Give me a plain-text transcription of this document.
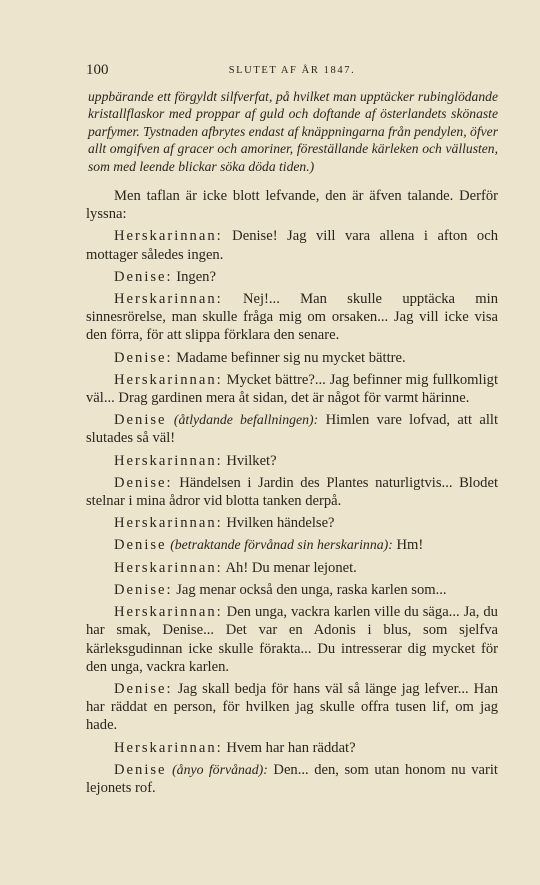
100	SLUTET AF ÅR 1847.

uppbärande ett förgyldt silfverfat, på hvilket man upptäcker rubinglödande kristallflaskor med proppar af guld och doftande af österlandets skönaste parfymer. Tystnaden afbrytes endast af knäppningarna från pendylen, öfver allt omgifven af gracer och amoriner, föreställande kärleken och vällusten, som med leende blickar söka döda tiden.)

Men taflan är icke blott lefvande, den är äfven talande. Derför lyssna:

Herskarinnan: Denise! Jag vill vara allena i afton och mottager således ingen.

Denise: Ingen?

Herskarinnan: Nej!... Man skulle upptäcka min sinnesrörelse, man skulle fråga mig om orsaken... Jag vill icke visa den förra, för att slippa förklara den senare.

Denise: Madame befinner sig nu mycket bättre.

Herskarinnan: Mycket bättre?... Jag befinner mig fullkomligt väl... Drag gardinen mera åt sidan, det är något för varmt härinne.

Denise (åtlydande befallningen): Himlen vare lofvad, att allt slutades så väl!

Herskarinnan: Hvilket?

Denise: Händelsen i Jardin des Plantes naturligtvis... Blodet stelnar i mina ådror vid blotta tanken derpå.

Herskarinnan: Hvilken händelse?

Denise (betraktande förvånad sin herskarinna): Hm!

Herskarinnan: Ah! Du menar lejonet.

Denise: Jag menar också den unga, raska karlen som...

Herskarinnan: Den unga, vackra karlen ville du säga... Ja, du har smak, Denise... Det var en Adonis i blus, som sjelfva kärleksgudinnan icke skulle förakta... Du intresserar dig mycket för den unga, vackra karlen.

Denise: Jag skall bedja för hans väl så länge jag lefver... Han har räddat en person, för hvilken jag skulle offra tusen lif, om jag hade.

Herskarinnan: Hvem har han räddat?

Denise (ånyo förvånad): Den... den, som utan honom nu varit lejonets rof.
